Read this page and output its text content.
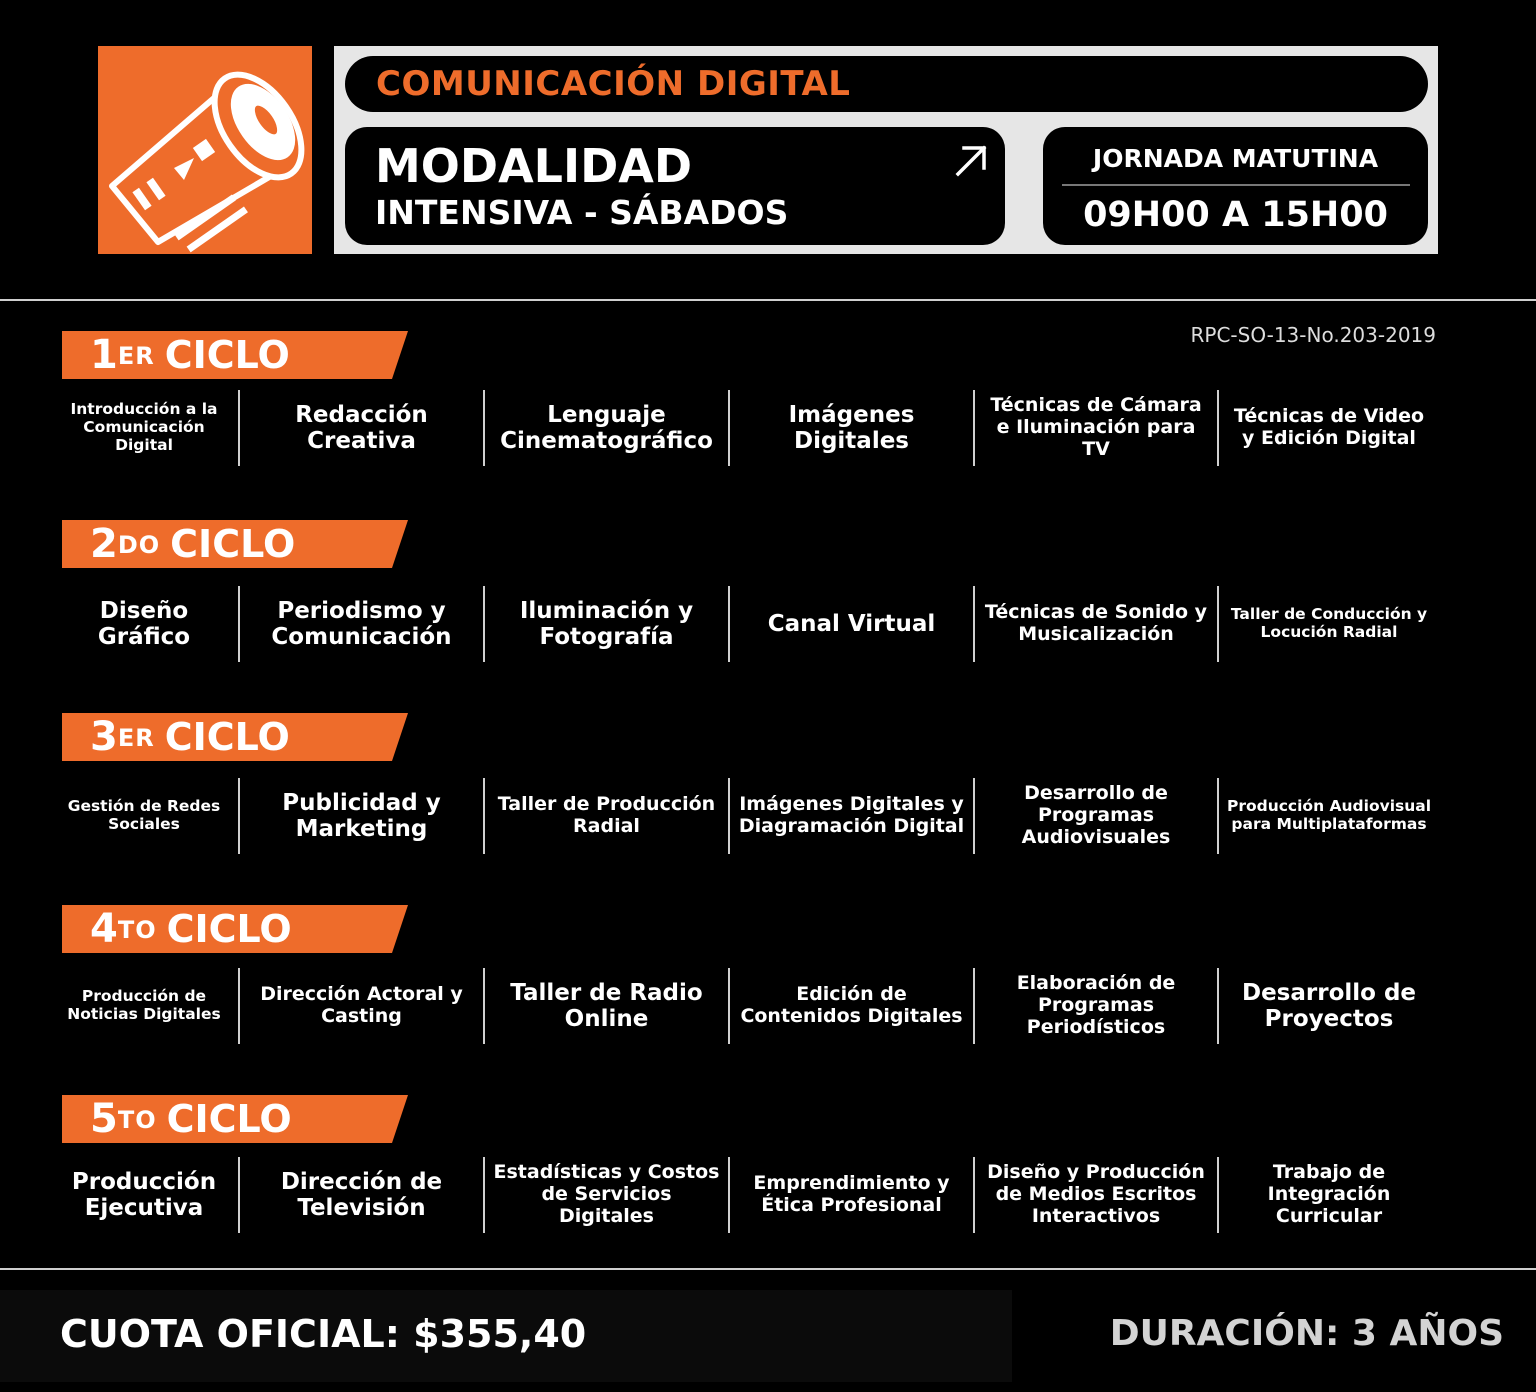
COMUNICACIÓN DIGITAL
MODALIDAD
INTENSIVA - SÁBADOS
JORNADA MATUTINA
09H00 A 15H00
RPC-SO-13-No.203-2019
1ER CICLO
Introducción a la Comunicación Digital
Redacción Creativa
Lenguaje Cinematográfico
Imágenes Digitales
Técnicas de Cámara e Iluminación para TV
Técnicas de Video y Edición Digital
2DO CICLO
Diseño Gráfico
Periodismo y Comunicación
Iluminación y Fotografía
Canal Virtual	Técnicas de Sonido y Musicalización
Taller de Conducción y Locución Radial
3ER CICLO
Gestión de Redes Sociales
Publicidad y Marketing
Taller de Producción Radial
Imágenes Digitales y Diagramación Digital
Desarrollo de Programas Audiovisuales
Producción Audiovisual para Multiplataformas
4TO CICLO
Producción de Noticias Digitales
Dirección Actoral y Casting
Taller de Radio Online
Edición de Contenidos Digitales
Elaboración de Programas Periodísticos
Desarrollo de Proyectos
5TO CICLO
Producción Ejecutiva
Dirección de Televisión
Estadísticas y Costos de Servicios Digitales
Emprendimiento y Ética Profesional
Diseño y Producción de Medios Escritos Interactivos
Trabajo de Integración Curricular
CUOTA OFICIAL: $355,40	DURACIÓN: 3 AÑOS
